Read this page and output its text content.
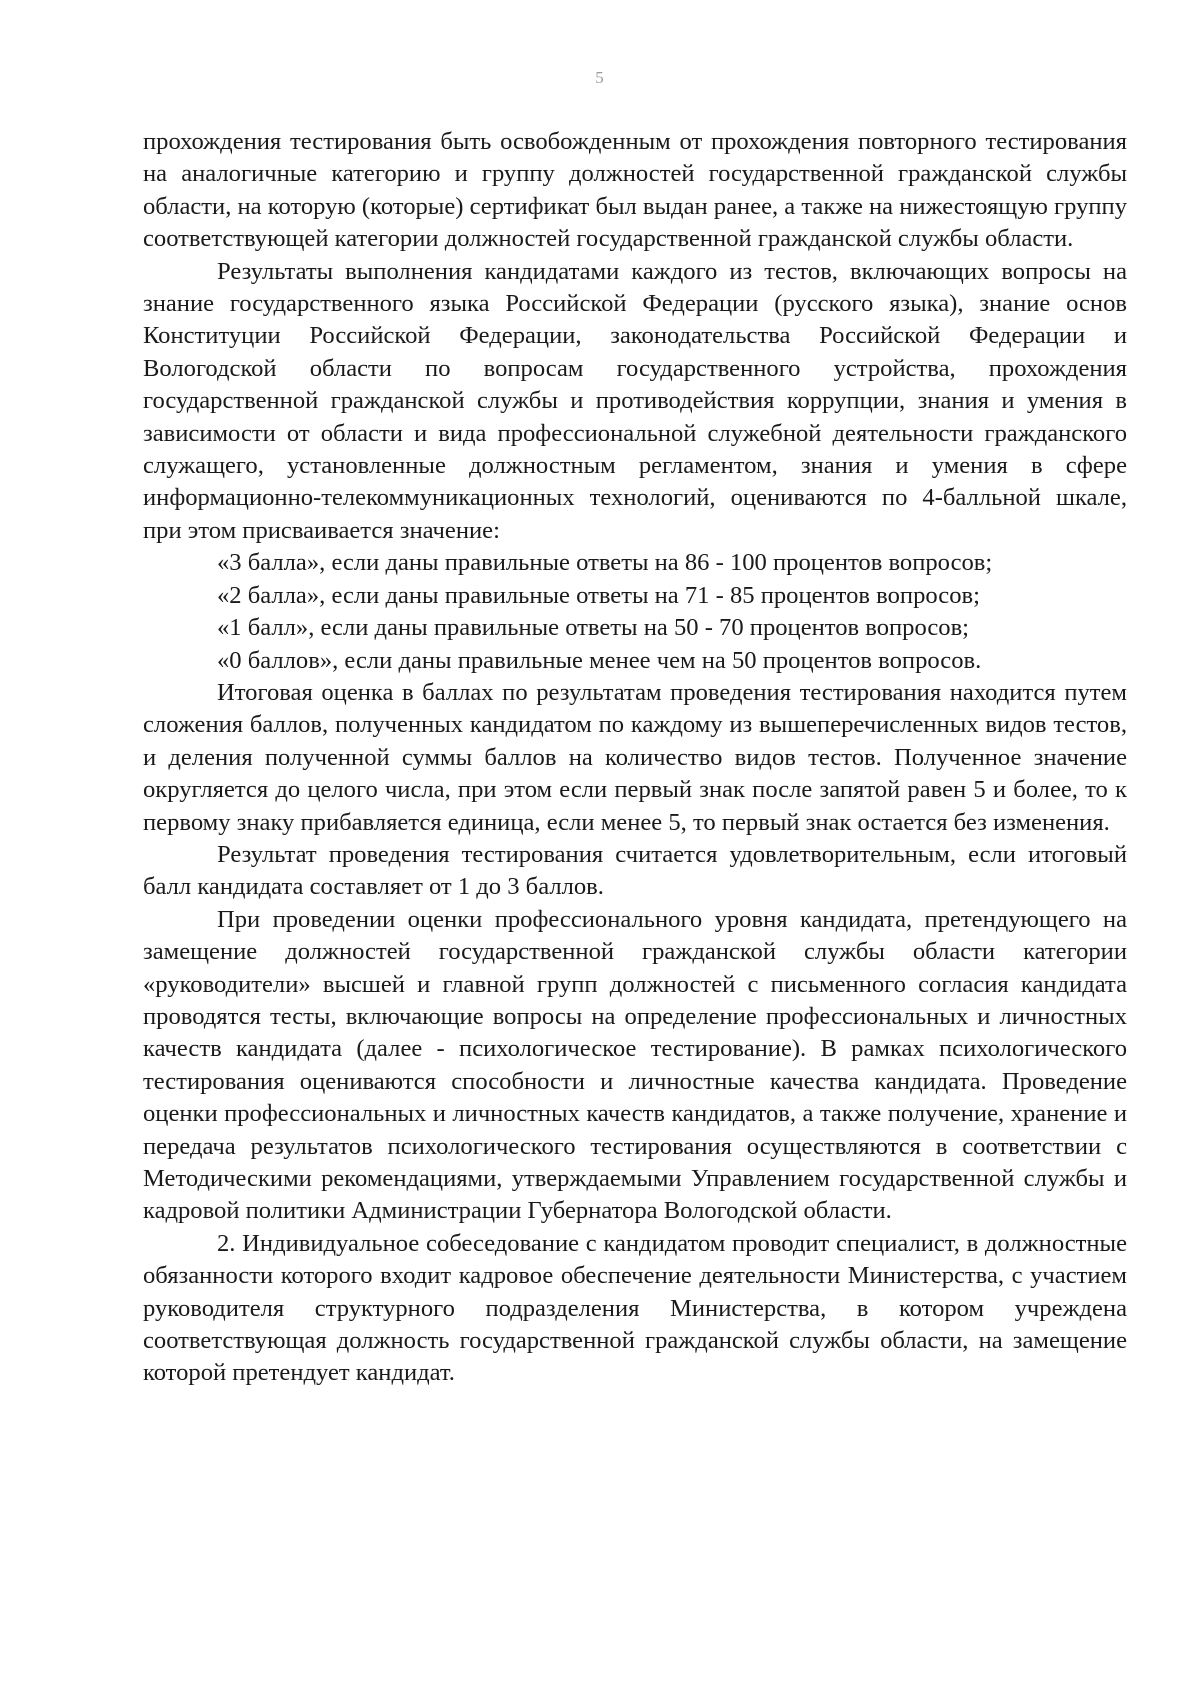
5

прохождения тестирования быть освобожденным от прохождения повторного тестирования на аналогичные категорию и группу должностей государственной гражданской службы области, на которую (которые) сертификат был выдан ранее, а также на нижестоящую группу соответствующей категории должностей государственной гражданской службы области.

Результаты выполнения кандидатами каждого из тестов, включающих вопросы на знание государственного языка Российской Федерации (русского языка), знание основ Конституции Российской Федерации, законодательства Российской Федерации и Вологодской области по вопросам государственного устройства, прохождения государственной гражданской службы и противодействия коррупции, знания и умения в зависимости от области и вида профессиональной служебной деятельности гражданского служащего, установленные должностным регламентом, знания и умения в сфере информационно-телекоммуникационных технологий, оцениваются по 4-балльной шкале, при этом присваивается значение:

«3 балла», если даны правильные ответы на 86 - 100 процентов вопросов;

«2 балла», если даны правильные ответы на 71 - 85 процентов вопросов;

«1 балл», если даны правильные ответы на 50 - 70 процентов вопросов;

«0 баллов», если даны правильные менее чем на 50 процентов вопросов.

Итоговая оценка в баллах по результатам проведения тестирования находится путем сложения баллов, полученных кандидатом по каждому из вышеперечисленных видов тестов, и деления полученной суммы баллов на количество видов тестов. Полученное значение округляется до целого числа, при этом если первый знак после запятой равен 5 и более, то к первому знаку прибавляется единица, если менее 5, то первый знак остается без изменения.

Результат проведения тестирования считается удовлетворительным, если итоговый балл кандидата составляет от 1 до 3 баллов.

При проведении оценки профессионального уровня кандидата, претендующего на замещение должностей государственной гражданской службы области категории «руководители» высшей и главной групп должностей с письменного согласия кандидата проводятся тесты, включающие вопросы на определение профессиональных и личностных качеств кандидата (далее - психологическое тестирование). В рамках психологического тестирования оцениваются способности и личностные качества кандидата. Проведение оценки профессиональных и личностных качеств кандидатов, а также получение, хранение и передача результатов психологического тестирования осуществляются в соответствии с Методическими рекомендациями, утверждаемыми Управлением государственной службы и кадровой политики Администрации Губернатора Вологодской области.

2. Индивидуальное собеседование с кандидатом проводит специалист, в должностные обязанности которого входит кадровое обеспечение деятельности Министерства, с участием руководителя структурного подразделения Министерства, в котором учреждена соответствующая должность государственной гражданской службы области, на замещение которой претендует кандидат.
